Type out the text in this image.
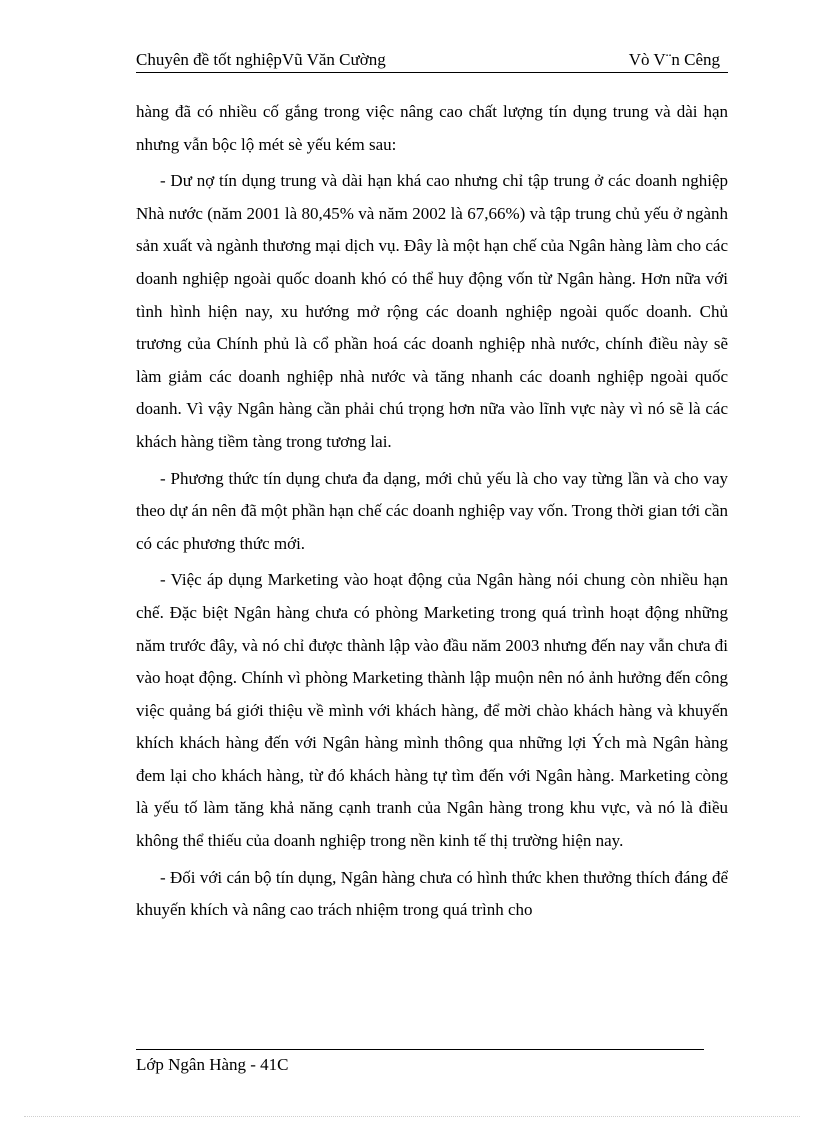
Chuyên đề tốt nghiệpVũ Văn Cường	Vò V¨n Cêng

hàng đã có nhiều cố gắng trong việc nâng cao chất lượng tín dụng trung và dài hạn nhưng vẫn bộc lộ mét sè yếu kém sau:

- Dư nợ tín dụng trung và dài hạn khá cao nhưng chỉ tập trung ở các doanh nghiệp Nhà nước (năm 2001 là 80,45% và năm 2002 là 67,66%) và tập trung chủ yếu ở ngành sản xuất và ngành thương mại dịch vụ. Đây là một hạn chế của Ngân hàng làm cho các doanh nghiệp ngoài quốc doanh khó có thể huy động vốn từ Ngân hàng. Hơn nữa với tình hình hiện nay, xu hướng mở rộng các doanh nghiệp ngoài quốc doanh. Chủ trương của Chính phủ là cổ phần hoá các doanh nghiệp nhà nước, chính điều này sẽ làm giảm các doanh nghiệp nhà nước và tăng nhanh các doanh nghiệp ngoài quốc doanh. Vì vậy Ngân hàng cần phải chú trọng hơn nữa vào lĩnh vực này vì nó sẽ là các khách hàng tiềm tàng trong tương lai.

- Phương thức tín dụng chưa đa dạng, mới chủ yếu là cho vay từng lần và cho vay theo dự án nên đã một phần hạn chế các doanh nghiệp vay vốn. Trong thời gian tới cần có các phương thức mới.

- Việc áp dụng Marketing vào hoạt động của Ngân hàng nói chung còn nhiều hạn chế. Đặc biệt Ngân hàng chưa có phòng Marketing trong quá trình hoạt động những năm trước đây, và nó chỉ được thành lập vào đầu năm 2003 nhưng đến nay vẫn chưa đi vào hoạt động. Chính vì phòng Marketing thành lập muộn nên nó ảnh hưởng đến công việc quảng bá giới thiệu về mình với khách hàng, để mời chào khách hàng và khuyến khích khách hàng đến với Ngân hàng mình thông qua những lợi Ých mà Ngân hàng đem lại cho khách hàng, từ đó khách hàng tự tìm đến với Ngân hàng. Marketing còng là yếu tố làm tăng khả năng cạnh tranh của Ngân hàng trong khu vực, và nó là điều không thể thiếu của doanh nghiệp trong nền kinh tế thị trường hiện nay.

- Đối với cán bộ tín dụng, Ngân hàng chưa có hình thức khen thưởng thích đáng để khuyến khích và nâng cao trách nhiệm trong quá trình cho

Lớp Ngân Hàng - 41C
